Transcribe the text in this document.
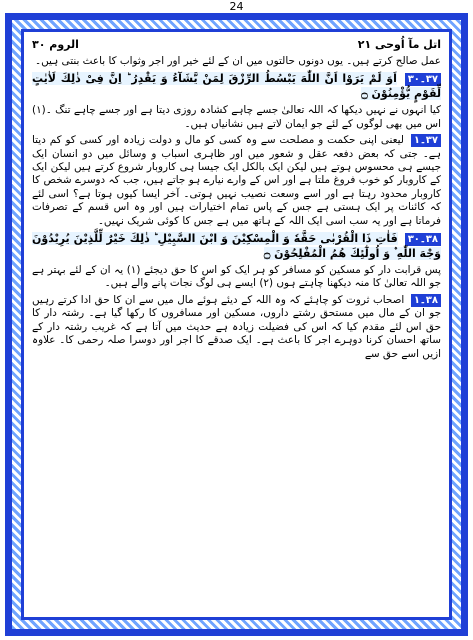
24
اتل مآ اُوحی ۲۱
الروم ۳۰

عمل صالح کرتے ہیں۔ یوں دونوں حالتوں میں ان کے لئے خیر اور اجر وثواب کا باعث بنتی ہیں۔

۳۷۔۳۰ اَوَ لَمْ يَرَوْا اَنَّ اللّٰهَ يَبْسُطُ الرِّزْقَ لِمَنْ يَّشَآءُ وَ يَقْدِرُ ؕ اِنَّ فِىْ ذٰلِكَ لَاٰيٰتٍ لِّقَوْمٍ يُّؤْمِنُوْنَ ۝

کیا انہوں نے نہیں دیکھا کہ اللہ تعالیٰ جسے چاہے کشادہ روزی دیتا ہے اور جسے چاہے تنگ ۔(۱) اس میں بھی لوگوں کے لئے جو ایمان لاتے ہیں نشانیاں ہیں۔

۳۷۔۱ لیعنی اپنی حکمت و مصلحت سے وہ کسی کو مال و دولت زیادہ اور کسی کو کم دیتا ہے۔ جتی کہ بعض دفعہ عقل و شعور میں اور ظاہری اسباب و وسائل میں دو انسان ایک جیسے ہی محسوس ہوتے ہیں لیکن ایک بالکل ایک جیسا ہی کاروبار شروع کرتے ہیں لیکن ایک کے کاروبار کو خوب فروغ ملتا ہے اور اس کے وارے نیارے ہو جاتے ہیں، جب کہ دوسرے شخص کا کاروبار محدود رہتا ہے اور اسے وسعت نصیب نہیں ہوتی۔ آخر ایسا کیوں ہوتا ہے؟ اسی لئے کہ کائنات پر ایک ہستی ہے جس کے پاس تمام اختیارات ہیں اور وہ اس قسم کے تصرفات فرماتا ہے اور یہ سب اسی ایک اللہ کے ہاتھ میں ہے جس کا کوئی شریک نہیں۔

۳۸۔۳۰ فَاٰتِ ذَا الْقُرْبٰى حَقَّهٗ وَ الْمِسْكِيْنَ وَ ابْنَ السَّبِيْلِ ؕ ذٰلِكَ خَيْرٌ لِّلَّذِيْنَ يُرِيْدُوْنَ وَجْهَ اللّٰهِ ۫ وَ اُولٰٓئِكَ هُمُ الْمُفْلِحُوْنَ ۝

پس قرابت دار کو مسکین کو مسافر کو ہر ایک کو اس کا حق دیجئے (۱) یہ ان کے لئے بہتر ہے جو اللہ تعالیٰ کا منہ دیکھنا چاہتے ہوں (۲) ایسے ہی لوگ نجات پانے والے ہیں۔

۳۸۔۱ اصحاب ثروت کو چاہئے کہ وہ اللہ کے دیئے ہوئے مال میں سے ان کا حق ادا کرتے رہیں جو ان کے مال میں مستحق رشتے داروں، مسکین اور مسافروں کا رکھا گیا ہے۔ رشتہ دار کا حق اس لئے مقدم کیا کہ اس کی فضیلت زیادہ ہے حدیث میں آتا ہے کہ غریب رشتہ دار کے ساتھ احسان کرنا دوہرے اجر کا باعث ہے۔ ایک صدقے کا اجر اور دوسرا صلہ رحمی کا۔ علاوہ ازیں اسے حق سے
